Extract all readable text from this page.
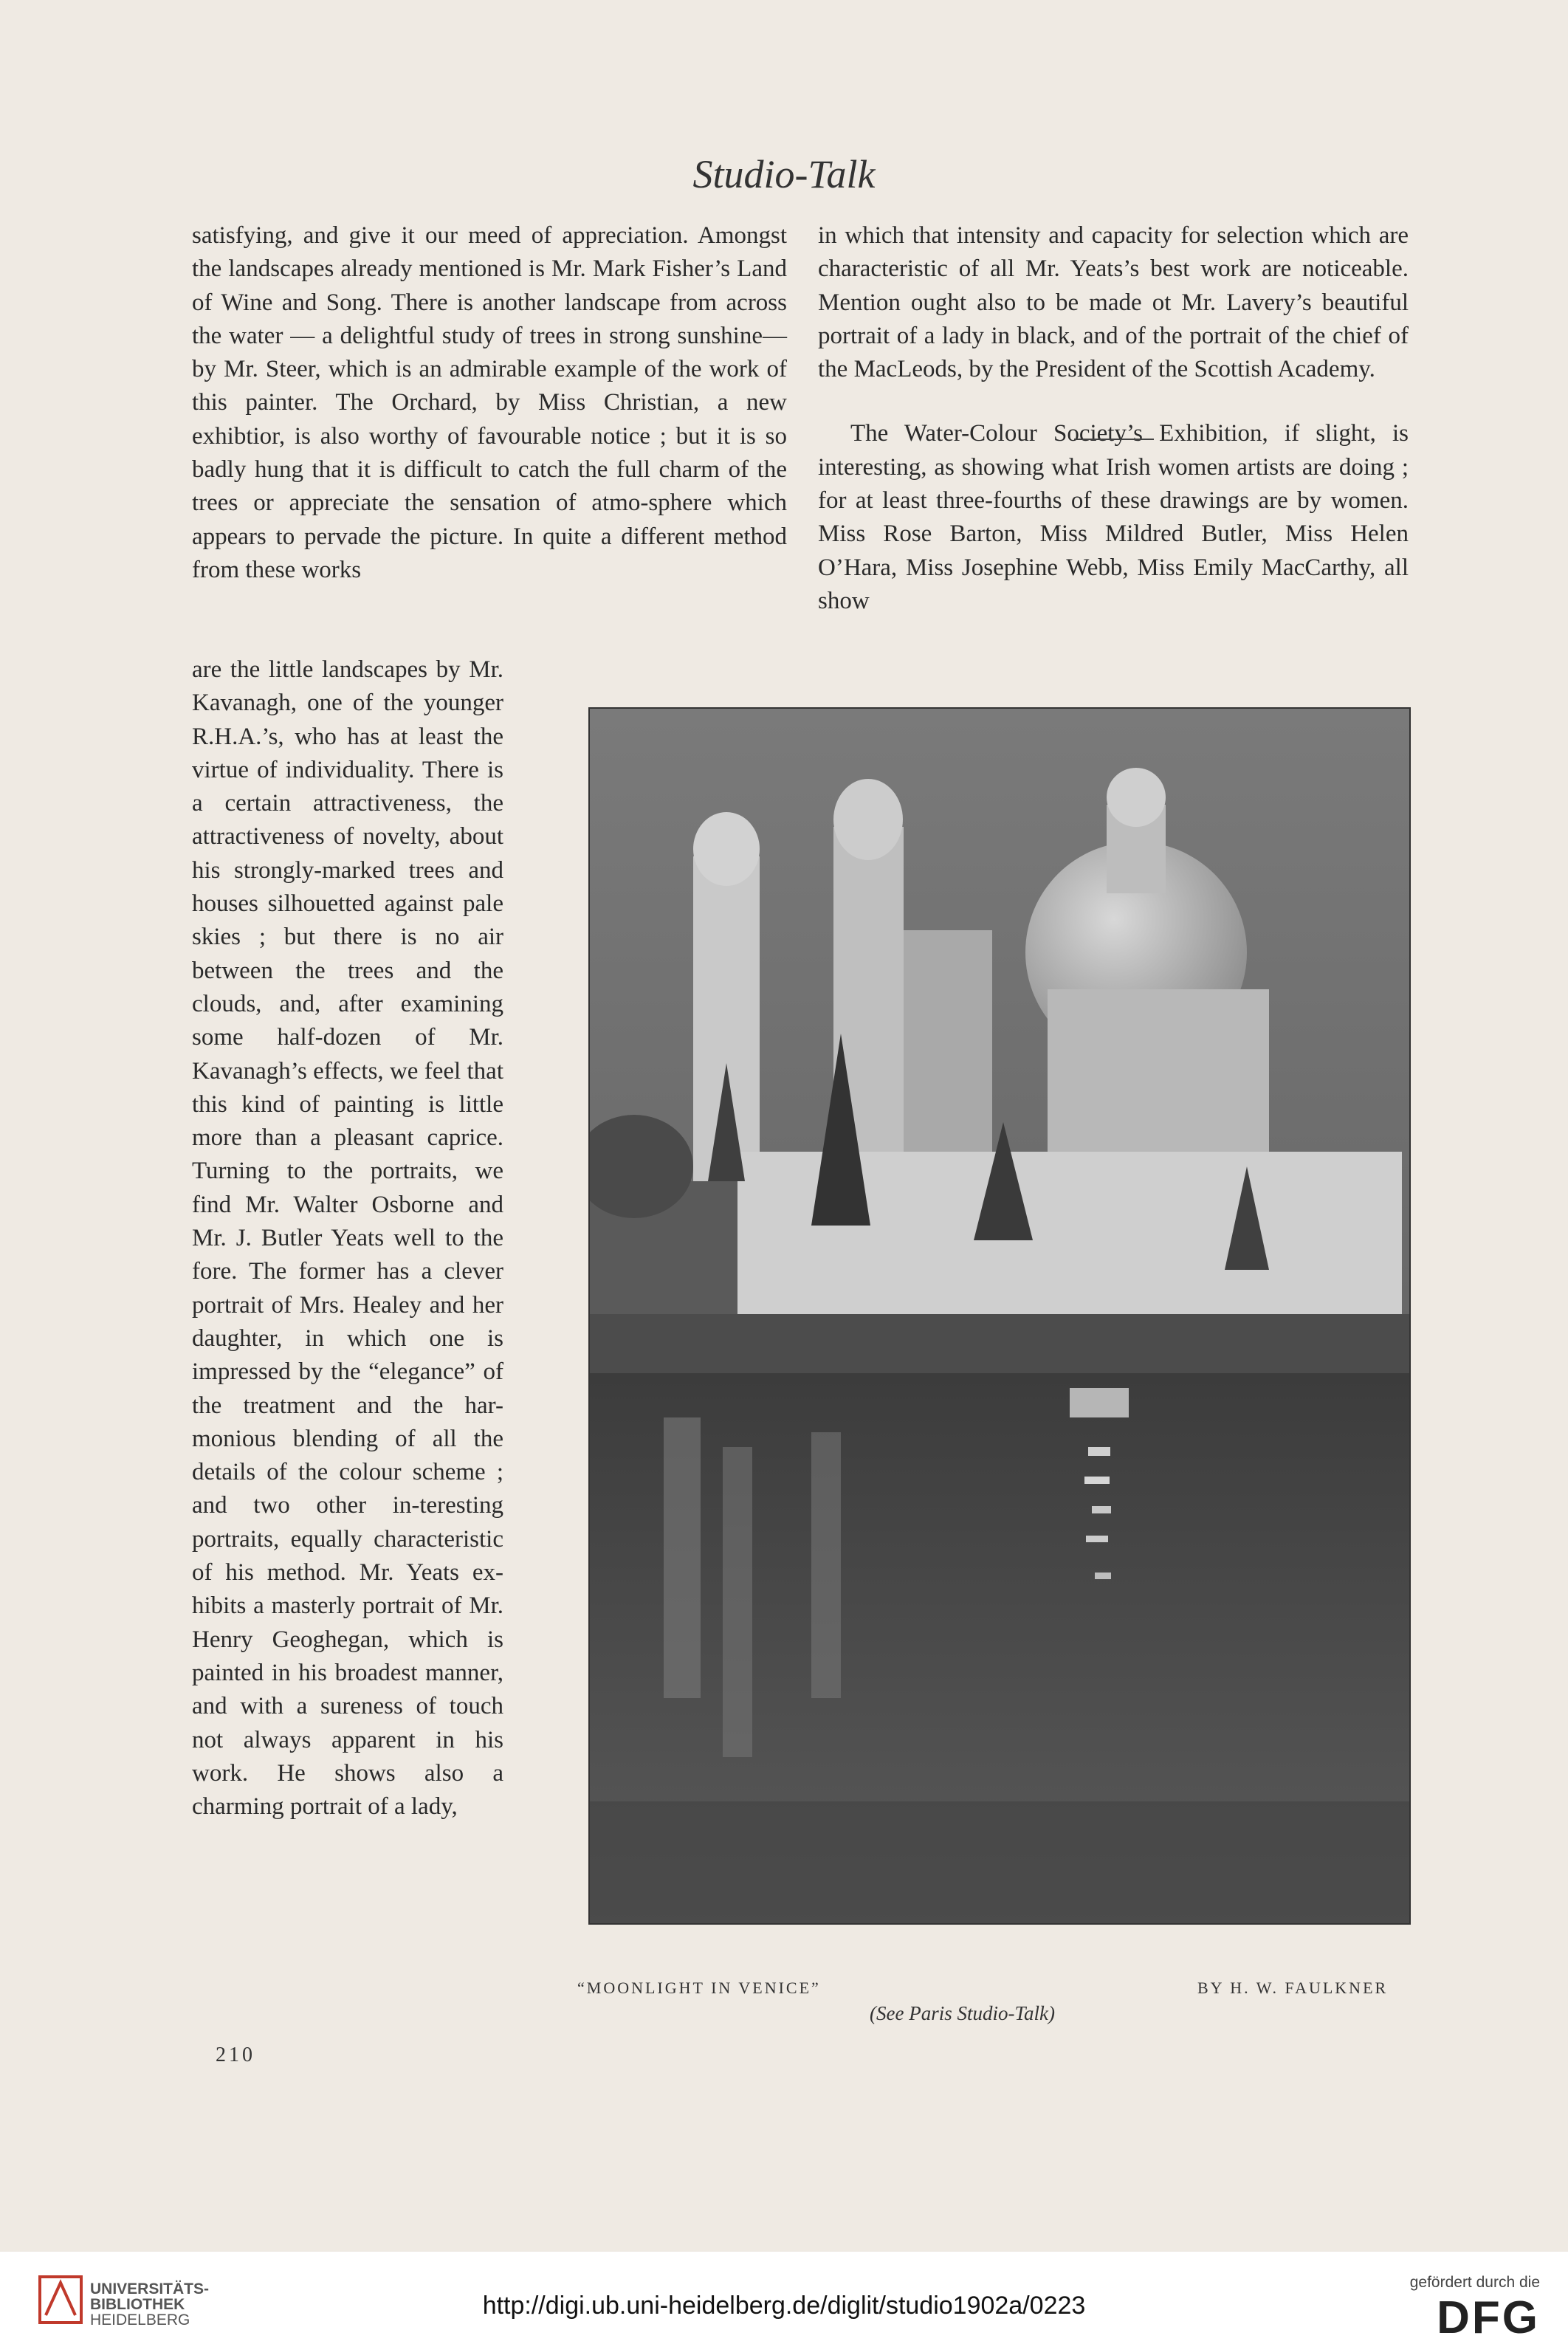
Studio-Talk

satisfying, and give it our meed of appreciation. Amongst the landscapes already mentioned is Mr. Mark Fisher’s Land of Wine and Song. There is another landscape from across the water — a delightful study of trees in strong sunshine—by Mr. Steer, which is an admirable example of the work of this painter. The Orchard, by Miss Christian, a new exhibtior, is also worthy of favourable notice ; but it is so badly hung that it is difficult to catch the full charm of the trees or appreciate the sensation of atmo-sphere which appears to pervade the picture. In quite a different method from these works

are the little landscapes by Mr. Kavanagh, one of the younger R.H.A.’s, who has at least the virtue of individuality. There is a certain attractiveness, the attractiveness of novelty, about his strongly-marked trees and houses silhouetted against pale skies ; but there is no air between the trees and the clouds, and, after examining some half-dozen of Mr. Kavanagh’s effects, we feel that this kind of painting is little more than a pleasant caprice. Turning to the portraits, we find Mr. Walter Osborne and Mr. J. Butler Yeats well to the fore. The former has a clever portrait of Mrs. Healey and her daughter, in which one is impressed by the “elegance” of the treatment and the har-monious blending of all the details of the colour scheme ; and two other in-teresting portraits, equally characteristic of his method. Mr. Yeats ex-hibits a masterly portrait of Mr. Henry Geoghegan, which is painted in his broadest manner, and with a sureness of touch not always apparent in his work. He shows also a charming portrait of a lady,

in which that intensity and capacity for selection which are characteristic of all Mr. Yeats’s best work are noticeable. Mention ought also to be made ot Mr. Lavery’s beautiful portrait of a lady in black, and of the portrait of the chief of the MacLeods, by the President of the Scottish Academy.

The Water-Colour Society’s Exhibition, if slight, is interesting, as showing what Irish women artists are doing ; for at least three-fourths of these drawings are by women. Miss Rose Barton, Miss Mildred Butler, Miss Helen O’Hara, Miss Josephine Webb, Miss Emily MacCarthy, all show

“MOONLIGHT IN VENICE”	BY H. W. FAULKNER
(See Paris Studio-Talk)
210
UNIVERSITÄTS-
BIBLIOTHEK
HEIDELBERG
http://digi.ub.uni-heidelberg.de/diglit/studio1902a/0223
gefördert durch die
DFG
